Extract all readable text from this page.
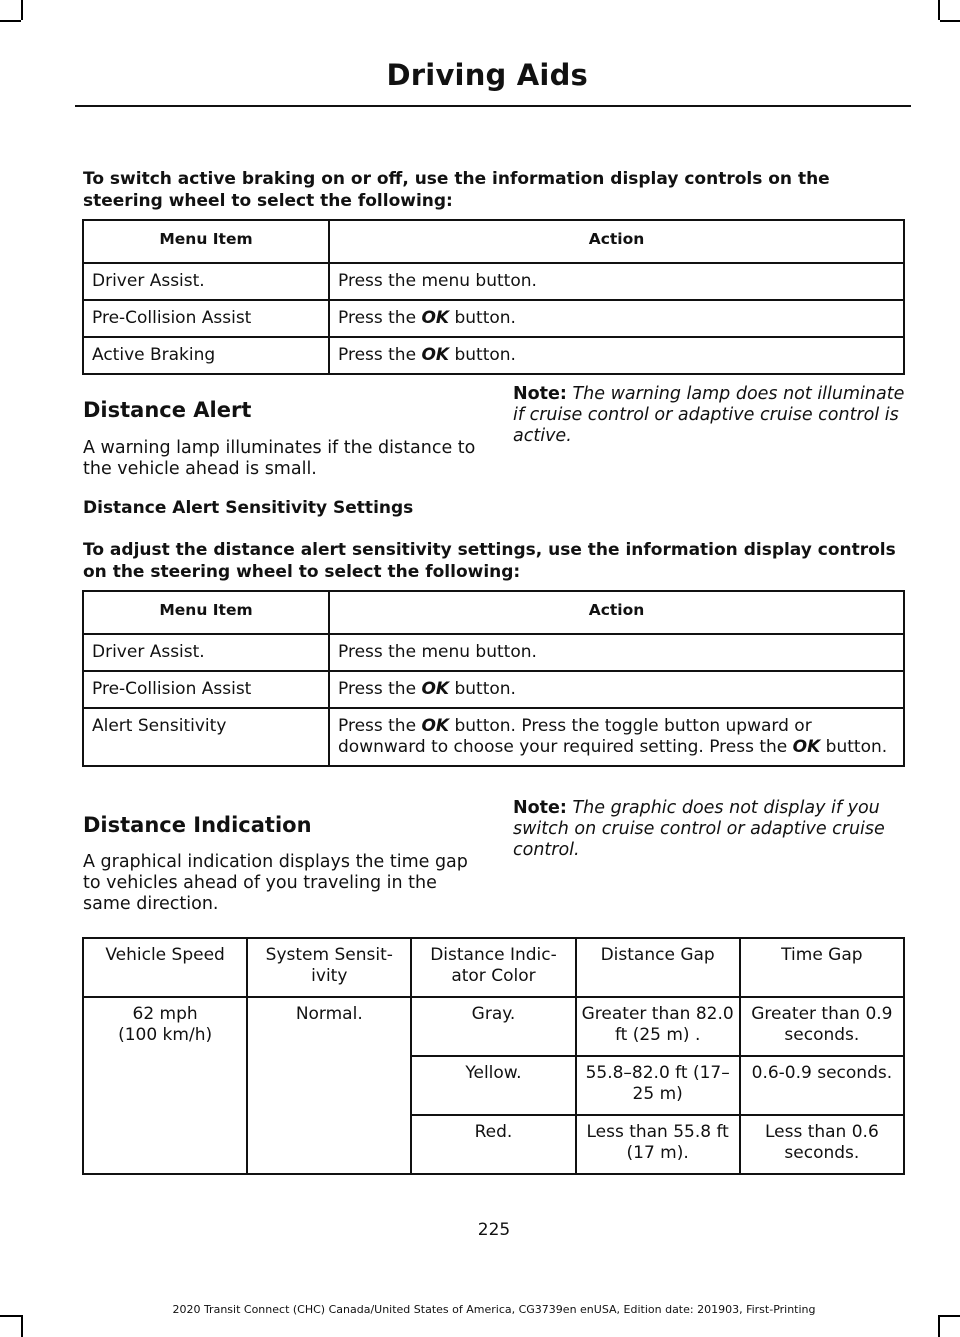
Driving Aids
To switch active braking on or off, use the information display controls on the steering wheel to select the following:
Menu Item	Action
Driver Assist.	Press the menu button.
Pre-Collision Assist	Press the OK button.
Active Braking	Press the OK button.
Distance Alert
A warning lamp illuminates if the distance to the vehicle ahead is small.
Note: The warning lamp does not illuminate if cruise control or adaptive cruise control is active.
Distance Alert Sensitivity Settings
To adjust the distance alert sensitivity settings, use the information display controls on the steering wheel to select the following:
Menu Item	Action
Driver Assist.	Press the menu button.
Pre-Collision Assist	Press the OK button.
Alert Sensitivity	Press the OK button. Press the toggle button upward or downward to choose your required setting. Press the OK button.
Distance Indication
A graphical indication displays the time gap to vehicles ahead of you traveling in the same direction.
Note: The graphic does not display if you switch on cruise control or adaptive cruise control.
Vehicle Speed	System Sensit-ivity	Distance Indic-ator Color	Distance Gap	Time Gap
62 mph
(100 km/h)	Normal.	Gray.	Greater than 82.0 ft (25 m) .	Greater than 0.9 seconds.
		Yellow.	55.8–82.0 ft (17–25 m)	0.6-0.9 seconds.
		Red.	Less than 55.8 ft (17 m).	Less than 0.6 seconds.
225
2020 Transit Connect (CHC) Canada/United States of America, CG3739en enUSA, Edition date: 201903, First-Printing
